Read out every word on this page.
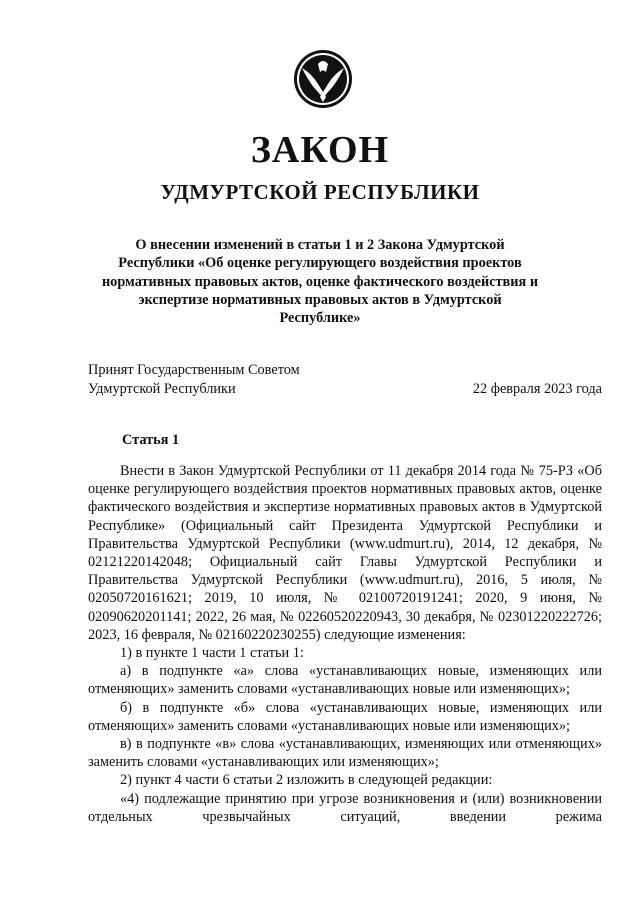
ЗАКОН
УДМУРТСКОЙ РЕСПУБЛИКИ
О внесении изменений в статьи 1 и 2 Закона Удмуртской Республики «Об оценке регулирующего воздействия проектов нормативных правовых актов, оценке фактического воздействия и экспертизе нормативных правовых актов в Удмуртской Республике»
Принят Государственным Советом
Удмуртской Республики	22 февраля 2023 года
Статья 1

Внести в Закон Удмуртской Республики от 11 декабря 2014 года № 75-РЗ «Об оценке регулирующего воздействия проектов нормативных правовых актов, оценке фактического воздействия и экспертизе нормативных правовых актов в Удмуртской Республике» (Официальный сайт Президента Удмуртской Республики и Правительства Удмуртской Республики (www.udmurt.ru), 2014, 12 декабря, № 02121220142048; Официальный сайт Главы Удмуртской Республики и Правительства Удмуртской Республики (www.udmurt.ru), 2016, 5 июля, № 02050720161621; 2019, 10 июля, № 02100720191241; 2020, 9 июня, № 02090620201141; 2022, 26 мая, № 02260520220943, 30 декабря, № 02301220222726; 2023, 16 февраля, № 02160220230255) следующие изменения:

1) в пункте 1 части 1 статьи 1:

а) в подпункте «а» слова «устанавливающих новые, изменяющих или отменяющих» заменить словами «устанавливающих новые или изменяющих»;

б) в подпункте «б» слова «устанавливающих новые, изменяющих или отменяющих» заменить словами «устанавливающих новые или изменяющих»;

в) в подпункте «в» слова «устанавливающих, изменяющих или отменяющих» заменить словами «устанавливающих или изменяющих»;

2) пункт 4 части 6 статьи 2 изложить в следующей редакции:

«4) подлежащие принятию при угрозе возникновения и (или) возникновении отдельных чрезвычайных ситуаций, введении режима
